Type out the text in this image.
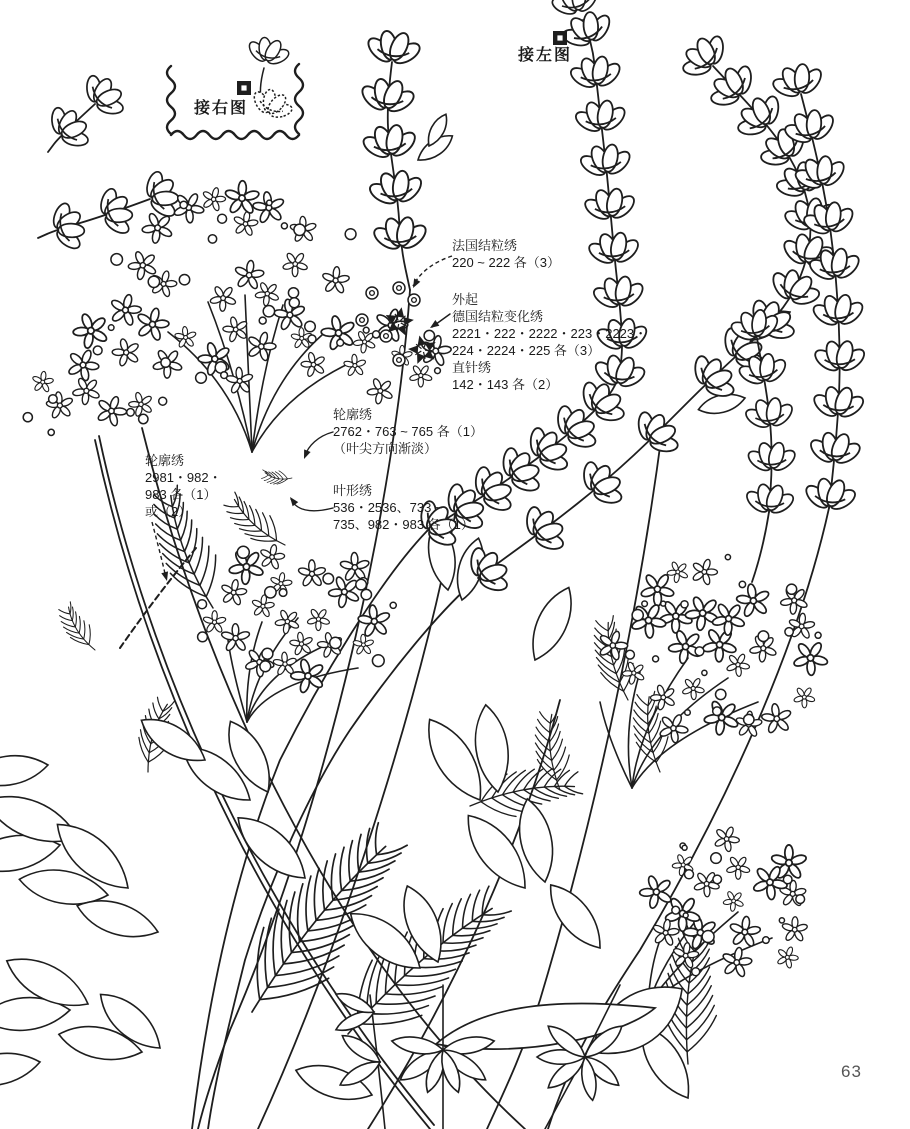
接右图
接左图
法国结粒绣
220 ~ 222 各（3）
外起
德国结粒变化绣
2221・222・2222・223・2223・
224・2224・225 各（3）
直针绣
142・143 各（2）
轮廓绣
2762・763 ~ 765 各（1）
（叶尖方向渐淡）
叶形绣
536・2536、733 ~
735、982・983 各（1）
轮廓绣
2981・982・
983 各（1）
或（2）
63
